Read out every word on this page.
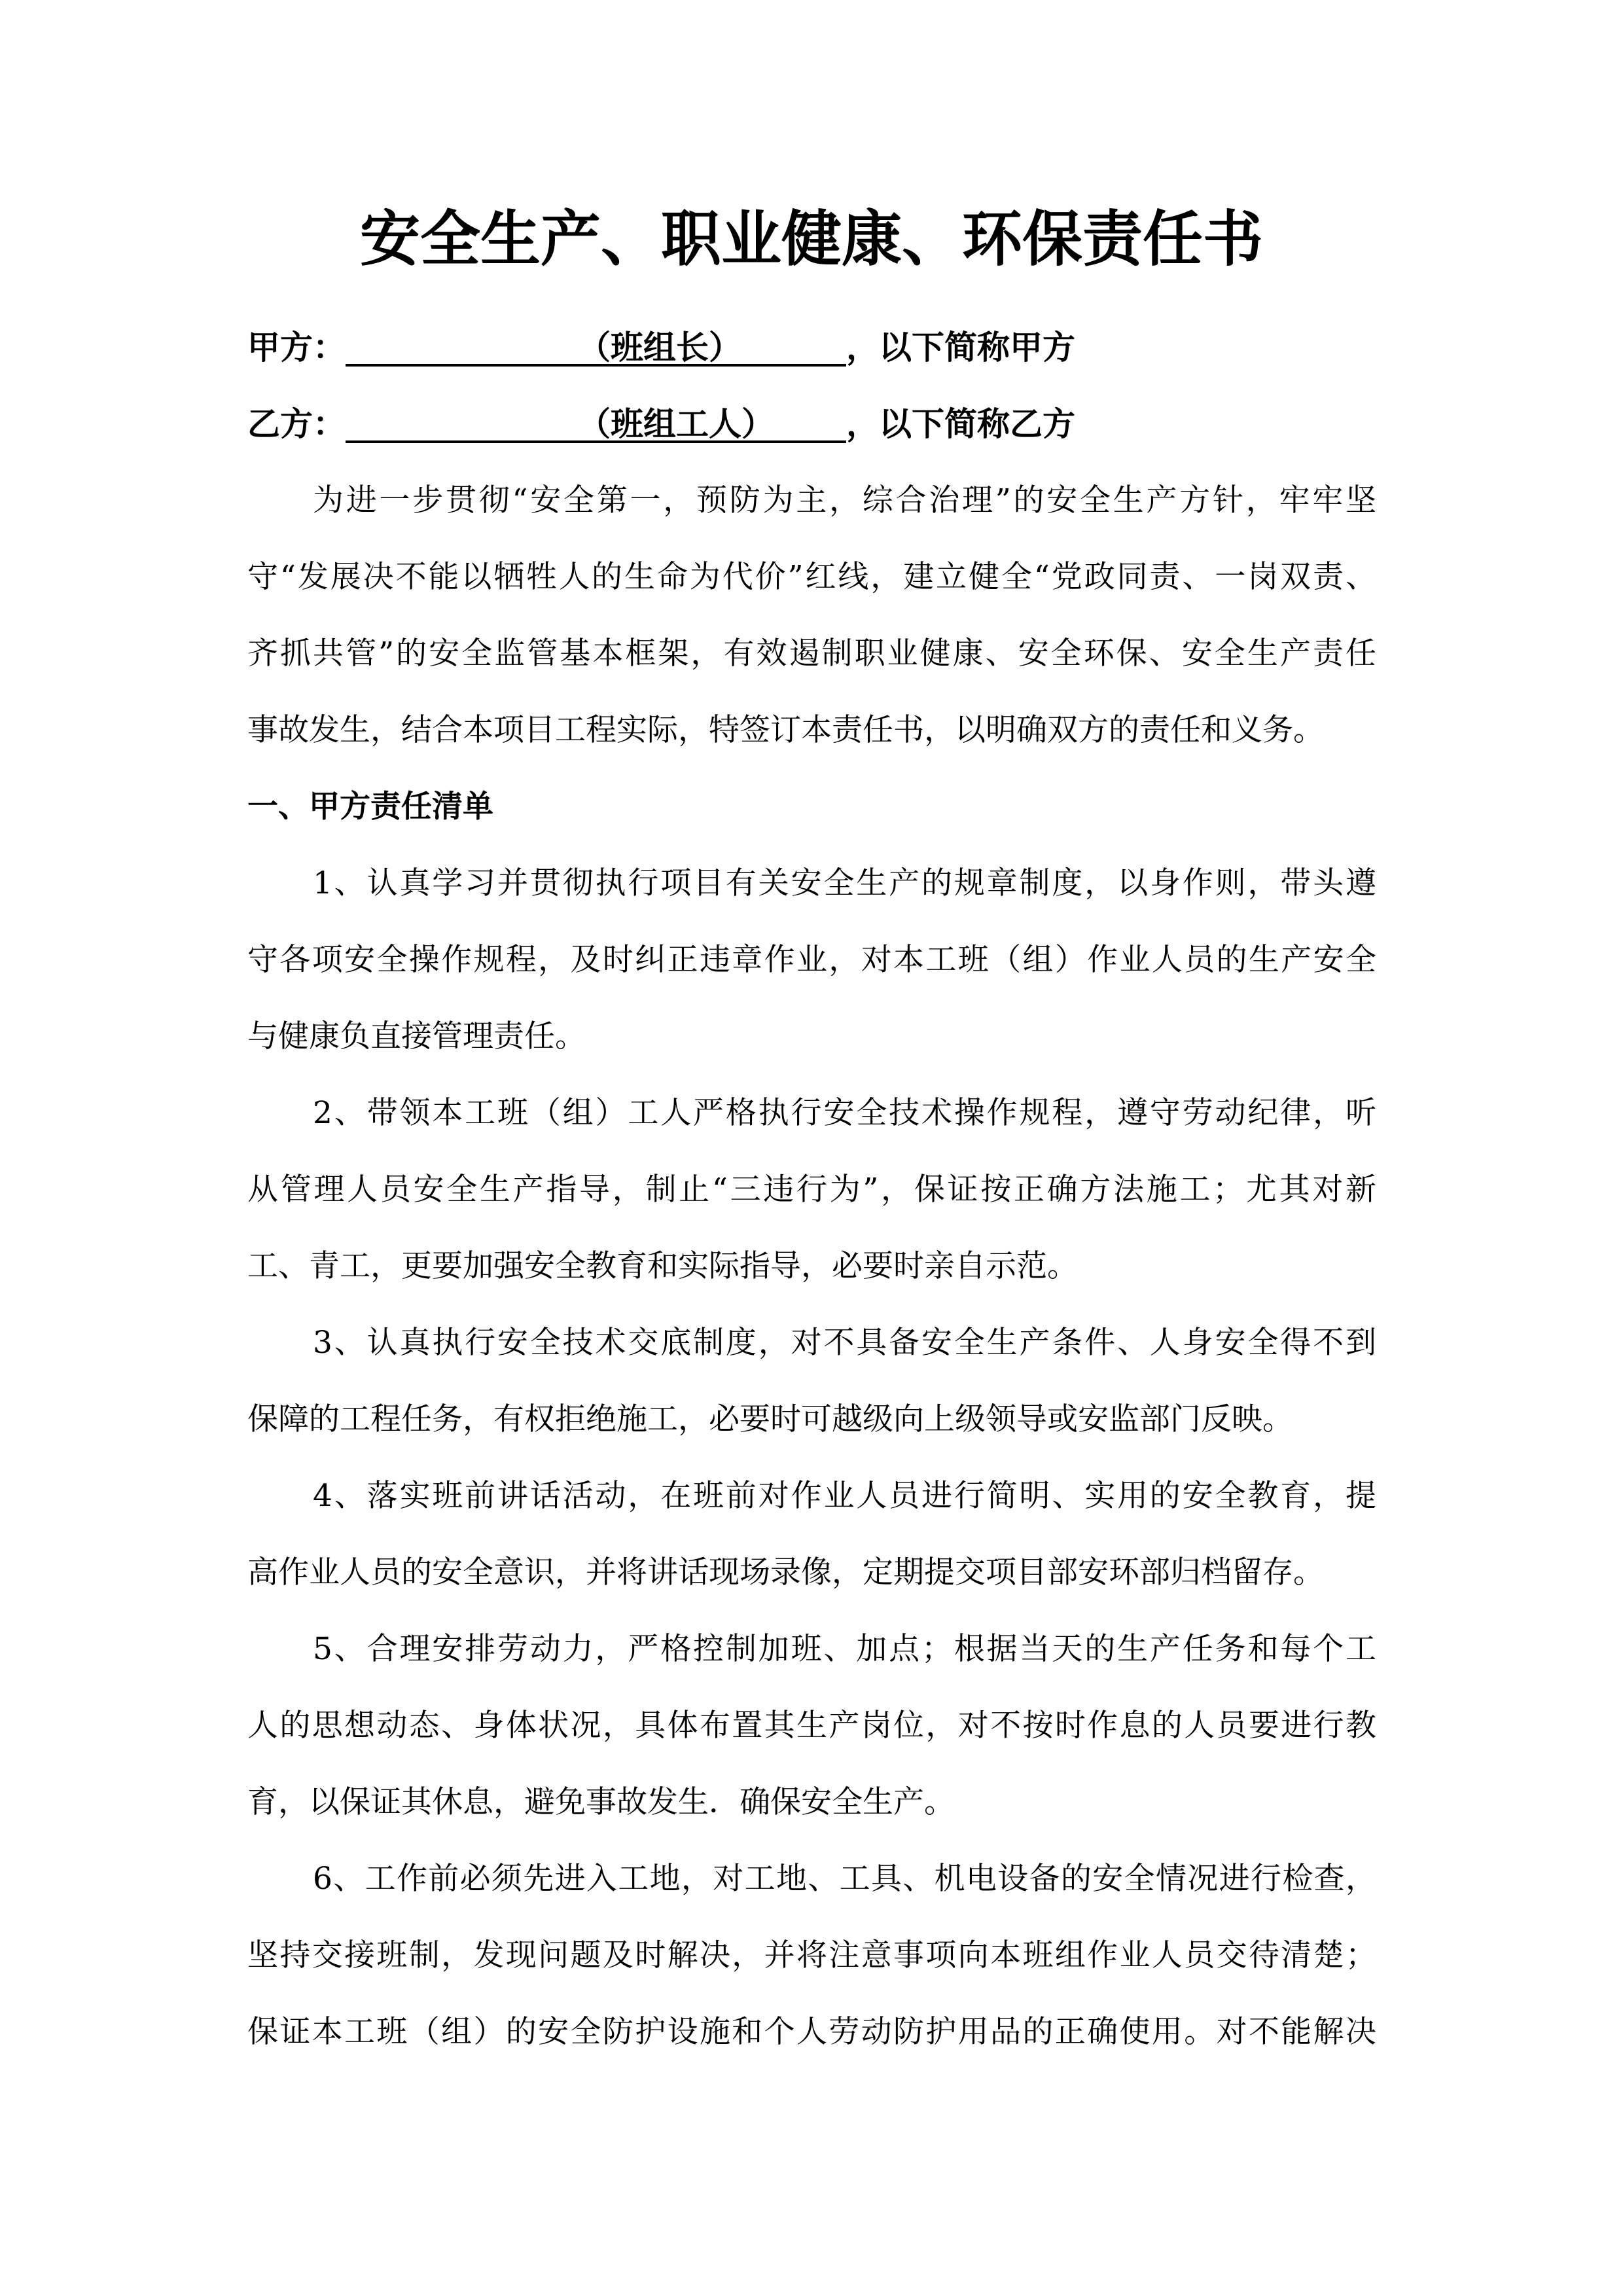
安全生产、职业健康、环保责任书
甲方：	（班组长）	，以下简称甲方
乙方：	（班组工人） ，以下简称乙方
为进一步贯彻“安全第一，预防为主，综合治理”的安全生产方针，牢牢坚
守“发展决不能以牺牲人的生命为代价”红线，建立健全“党政同责、一岗双责、
齐抓共管”的安全监管基本框架，有效遏制职业健康、安全环保、安全生产责任
事故发生，结合本项目工程实际，特签订本责任书，以明确双方的责任和义务。
一、甲方责任清单
1、认真学习并贯彻执行项目有关安全生产的规章制度，以身作则，带头遵
守各项安全操作规程，及时纠正违章作业，对本工班（组）作业人员的生产安全
与健康负直接管理责任。
2、带领本工班（组）工人严格执行安全技术操作规程，遵守劳动纪律，听
从管理人员安全生产指导，制止“三违行为”，保证按正确方法施工；尤其对新
工、青工，更要加强安全教育和实际指导，必要时亲自示范。
3、认真执行安全技术交底制度，对不具备安全生产条件、人身安全得不到
保障的工程任务，有权拒绝施工，必要时可越级向上级领导或安监部门反映。
4、落实班前讲话活动，在班前对作业人员进行简明、实用的安全教育，提
高作业人员的安全意识，并将讲话现场录像，定期提交项目部安环部归档留存。
5、合理安排劳动力，严格控制加班、加点；根据当天的生产任务和每个工
人的思想动态、身体状况，具体布置其生产岗位，对不按时作息的人员要进行教
育，以保证其休息，避免事故发生．确保安全生产。
6、工作前必须先进入工地，对工地、工具、机电设备的安全情况进行检查，
坚持交接班制，发现问题及时解决，并将注意事项向本班组作业人员交待清楚；
保证本工班（组）的安全防护设施和个人劳动防护用品的正确使用。对不能解决
